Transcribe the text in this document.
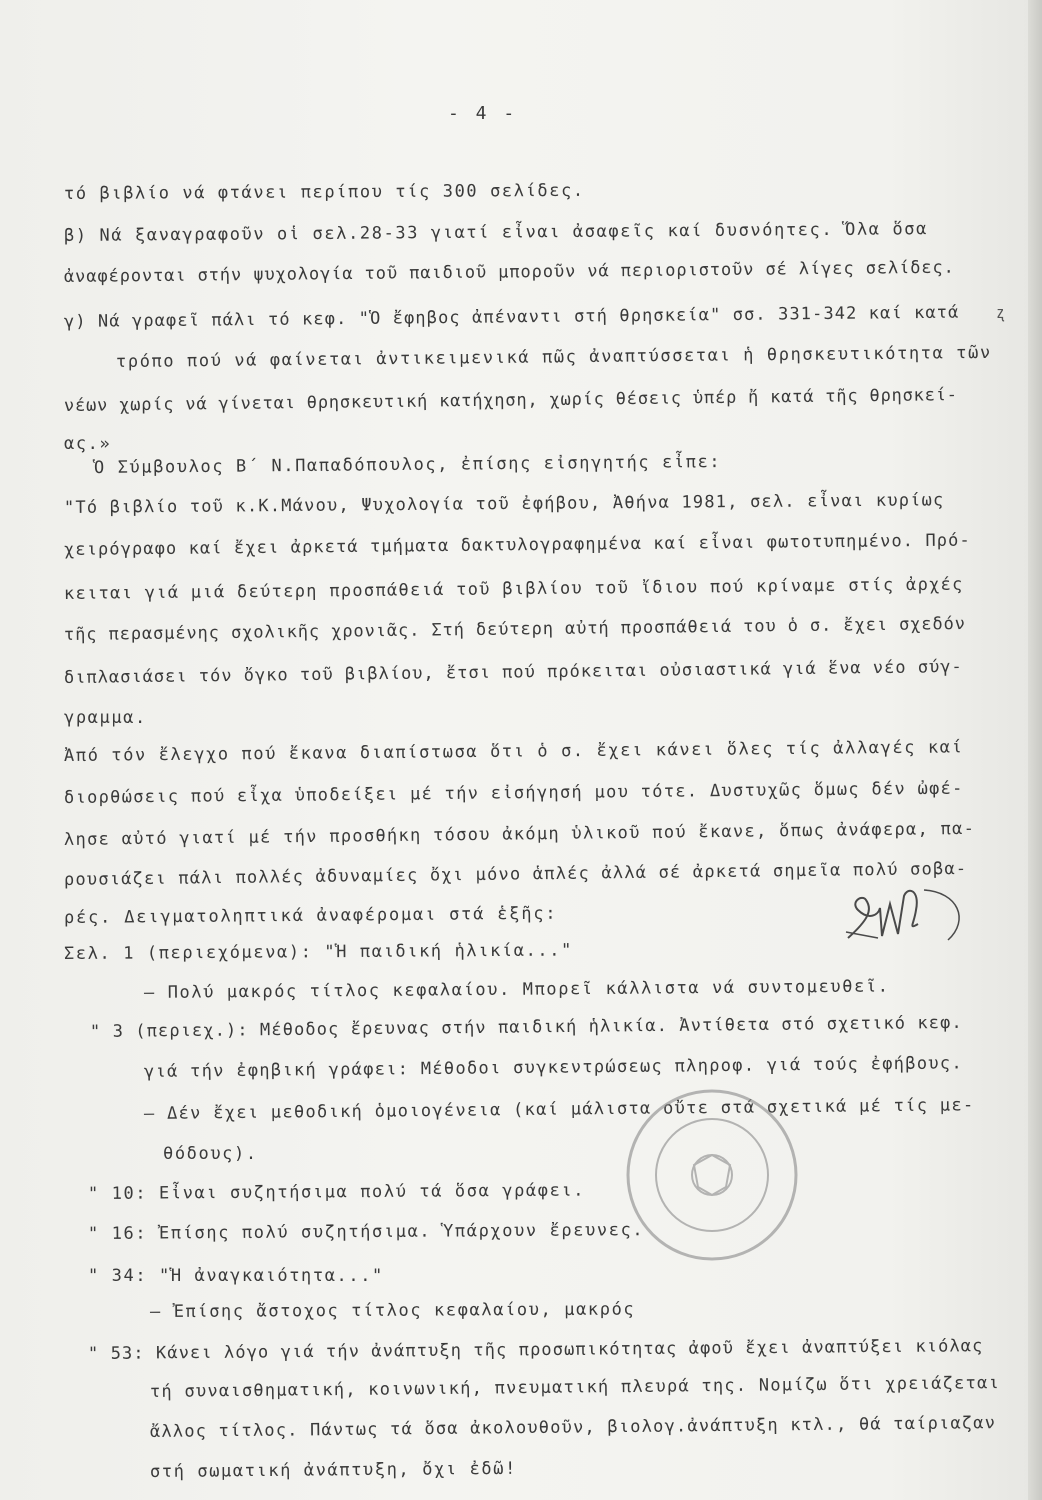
- 4 -
τό βιβλίο νά φτάνει περίπου τίς 300 σελίδες.
β) Νά ξαναγραφοῦν οἱ σελ.28-33 γιατί εἶναι ἀσαφεῖς καί δυσνόητες. Ὅλα ὅσα
ἀναφέρονται στήν ψυχολογία τοῦ παιδιοῦ μποροῦν νά περιοριστοῦν σέ λίγες σελίδες.
γ) Νά γραφεῖ πάλι τό κεφ. "Ὁ ἔφηβος ἀπέναντι στή θρησκεία" σσ. 331-342 καί κατά
τρόπο πού νά φαίνεται ἀντικειμενικά πῶς ἀναπτύσσεται ἡ θρησκευτικότητα τῶν
νέων χωρίς νά γίνεται θρησκευτική κατήχηση, χωρίς θέσεις ὑπέρ ἤ κατά τῆς θρησκεί-
ας.»
Ὁ Σύμβουλος Β΄ Ν.Παπαδόπουλος, ἐπίσης εἰσηγητής εἶπε:
"Τό βιβλίο τοῦ κ.Κ.Μάνου, Ψυχολογία τοῦ ἐφήβου, Ἀθήνα 1981, σελ. εἶναι κυρίως
χειρόγραφο καί ἔχει ἀρκετά τμήματα δακτυλογραφημένα καί εἶναι φωτοτυπημένο. Πρό-
κειται γιά μιά δεύτερη προσπάθειά τοῦ βιβλίου τοῦ ἴδιου πού κρίναμε στίς ἀρχές
τῆς περασμένης σχολικῆς χρονιᾶς. Στή δεύτερη αὐτή προσπάθειά του ὁ σ. ἔχει σχεδόν
διπλασιάσει τόν ὄγκο τοῦ βιβλίου, ἔτσι πού πρόκειται οὐσιαστικά γιά ἕνα νέο σύγ-
γραμμα.
Ἀπό τόν ἔλεγχο πού ἔκανα διαπίστωσα ὅτι ὁ σ. ἔχει κάνει ὅλες τίς ἀλλαγές καί
διορθώσεις πού εἶχα ὑποδείξει μέ τήν εἰσήγησή μου τότε. Δυστυχῶς ὅμως δέν ὠφέ-
λησε αὐτό γιατί μέ τήν προσθήκη τόσου ἀκόμη ὑλικοῦ πού ἔκανε, ὅπως ἀνάφερα, πα-
ρουσιάζει πάλι πολλές ἀδυναμίες ὄχι μόνο ἁπλές ἀλλά σέ ἀρκετά σημεῖα πολύ σοβα-
ρές. Δειγματοληπτικά ἀναφέρομαι στά ἑξῆς:
Σελ. 1 (περιεχόμενα): "Ἡ παιδική ἡλικία..."
– Πολύ μακρός τίτλος κεφαλαίου. Μπορεῖ κάλλιστα νά συντομευθεῖ.
" 3 (περιεχ.): Μέθοδος ἔρευνας στήν παιδική ἡλικία. Ἀντίθετα στό σχετικό κεφ.
γιά τήν ἐφηβική γράφει: Μέθοδοι συγκεντρώσεως πληροφ. γιά τούς ἐφήβους.
– Δέν ἔχει μεθοδική ὁμοιογένεια (καί μάλιστα οὔτε στά σχετικά μέ τίς με-
θόδους).
" 10: Εἶναι συζητήσιμα πολύ τά ὅσα γράφει.
" 16: Ἐπίσης πολύ συζητήσιμα. Ὑπάρχουν ἔρευνες.
" 34: "Ἡ ἀναγκαιότητα..."
– Ἐπίσης ἄστοχος τίτλος κεφαλαίου, μακρός
" 53: Κάνει λόγο γιά τήν ἀνάπτυξη τῆς προσωπικότητας ἀφοῦ ἔχει ἀναπτύξει κιόλας
τή συναισθηματική, κοινωνική, πνευματική πλευρά της. Νομίζω ὅτι χρειάζεται
ἄλλος τίτλος. Πάντως τά ὅσα ἀκολουθοῦν, βιολογ.ἀνάπτυξη κτλ., θά ταίριαζαν
στή σωματική ἀνάπτυξη, ὄχι ἐδῶ!
ʐ
